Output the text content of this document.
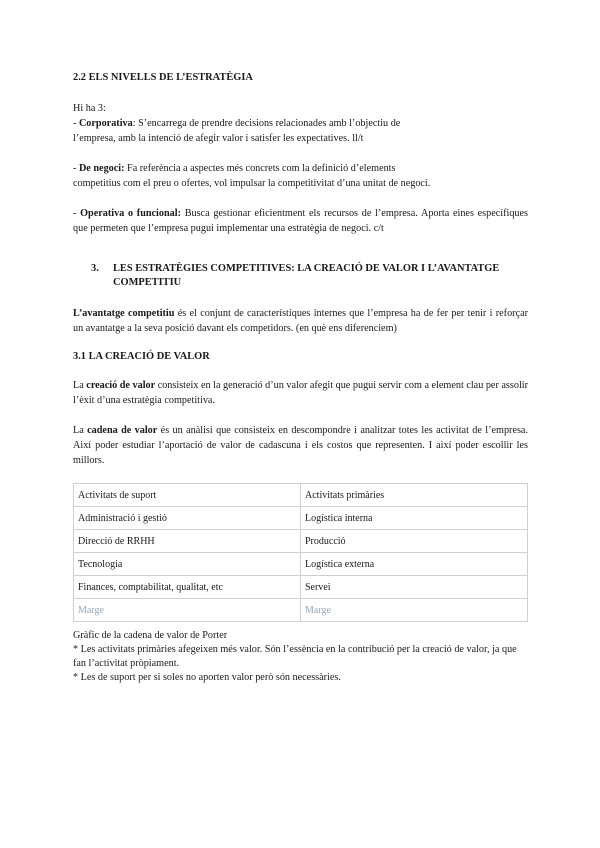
2.2 ELS NIVELLS DE L’ESTRATÈGIA
Hi ha 3:
- Corporativa: S’encarrega de prendre decisions relacionades amb l’objectiu de
l’empresa, amb la intenció de afegir valor i satisfer les expectatives. ll/t
- De negoci: Fa referència a aspectes més concrets com la definició d’elements
competitius com el preu o ofertes, vol impulsar la competitivitat d’una unitat de negoci.
- Operativa o funcional: Busca gestionar eficientment els recursos de l’empresa. Aporta eines específiques que permeten que l’empresa pugui implementar una estratègia de negoci. c/t
3. LES ESTRATÈGIES COMPETITIVES: LA CREACIÓ DE VALOR I L’AVANTATGE COMPETITIU
L’avantatge competitiu és el conjunt de característiques internes que l’empresa ha de fer per tenir i reforçar un avantatge a la seva posició davant els competidors. (en què ens diferenciem)
3.1 LA CREACIÓ DE VALOR
La creació de valor consisteix en la generació d’un valor afegit que pugui servir com a element clau per assolir l’èxit d’una estratègia competitiva.
La cadena de valor és un anàlisi que consisteix en descompondre i analitzar totes les activitat de l’empresa. Així poder estudiar l’aportació de valor de cadascuna i els costos que representen. I així poder escollir les millors.
Activitats de suport	Activitats primàries
Administració i gestió	Logística interna
Direcció de RRHH	Producció
Tecnologia	Logística externa
Finances, comptabilitat, qualitat, etc	Servei
Marge	Marge
Gràfic de la cadena de valor de Porter
* Les activitats primàries afegeixen més valor. Són l’essència en la contribució per la creació de valor, ja que fan l’activitat pròpiament.
* Les de suport per si soles no aporten valor però són necessàries.
